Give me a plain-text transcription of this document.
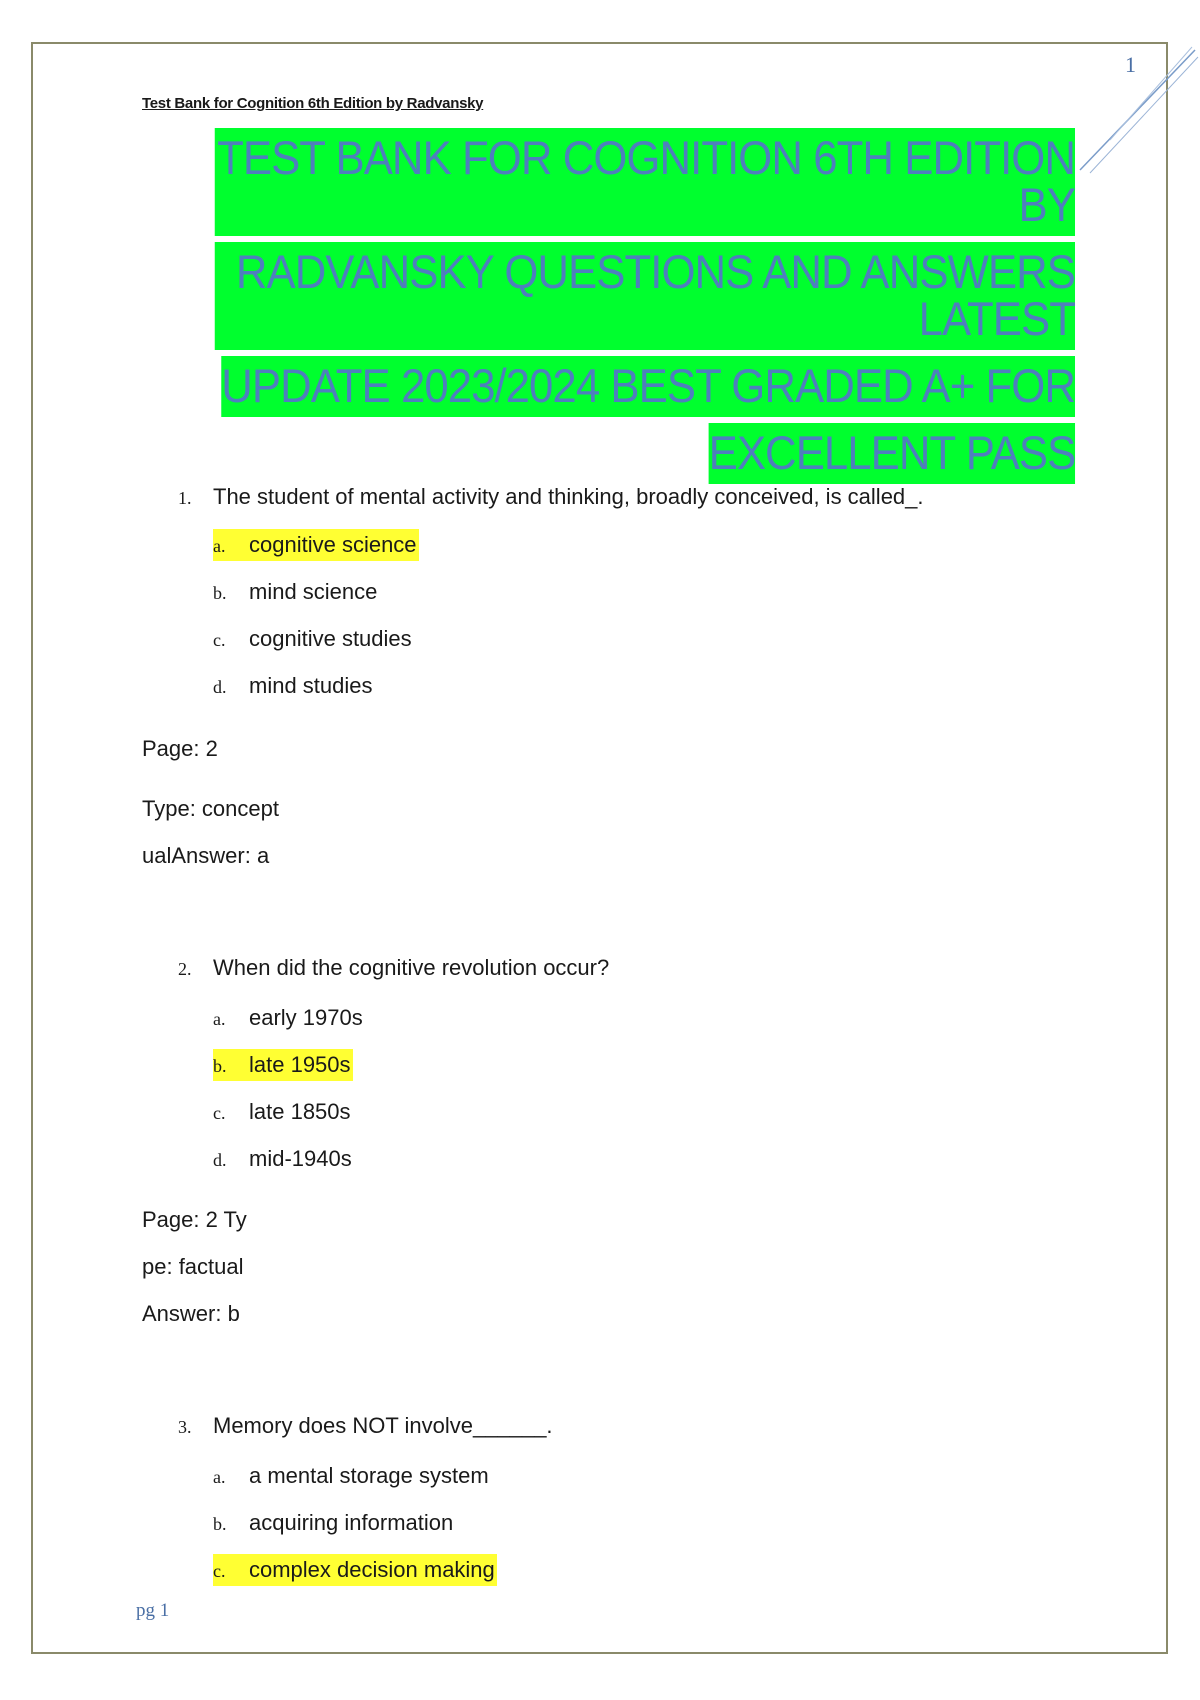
1
Test Bank for Cognition 6th Edition by Radvansky
TEST BANK FOR COGNITION 6TH EDITION BY
RADVANSKY QUESTIONS AND ANSWERS LATEST
UPDATE 2023/2024 BEST GRADED A+ FOR
EXCELLENT PASS
1. The student of mental activity and thinking, broadly conceived, is called_.
a. cognitive science
b. mind science
c. cognitive studies
d. mind studies
Page: 2
Type: concept
ualAnswer: a
2. When did the cognitive revolution occur?
a. early 1970s
b. late 1950s
c. late 1850s
d. mid-1940s
Page: 2 Ty
pe: factual
Answer: b
3. Memory does NOT involve______.
a. a mental storage system
b. acquiring information
c. complex decision making
pg 1
